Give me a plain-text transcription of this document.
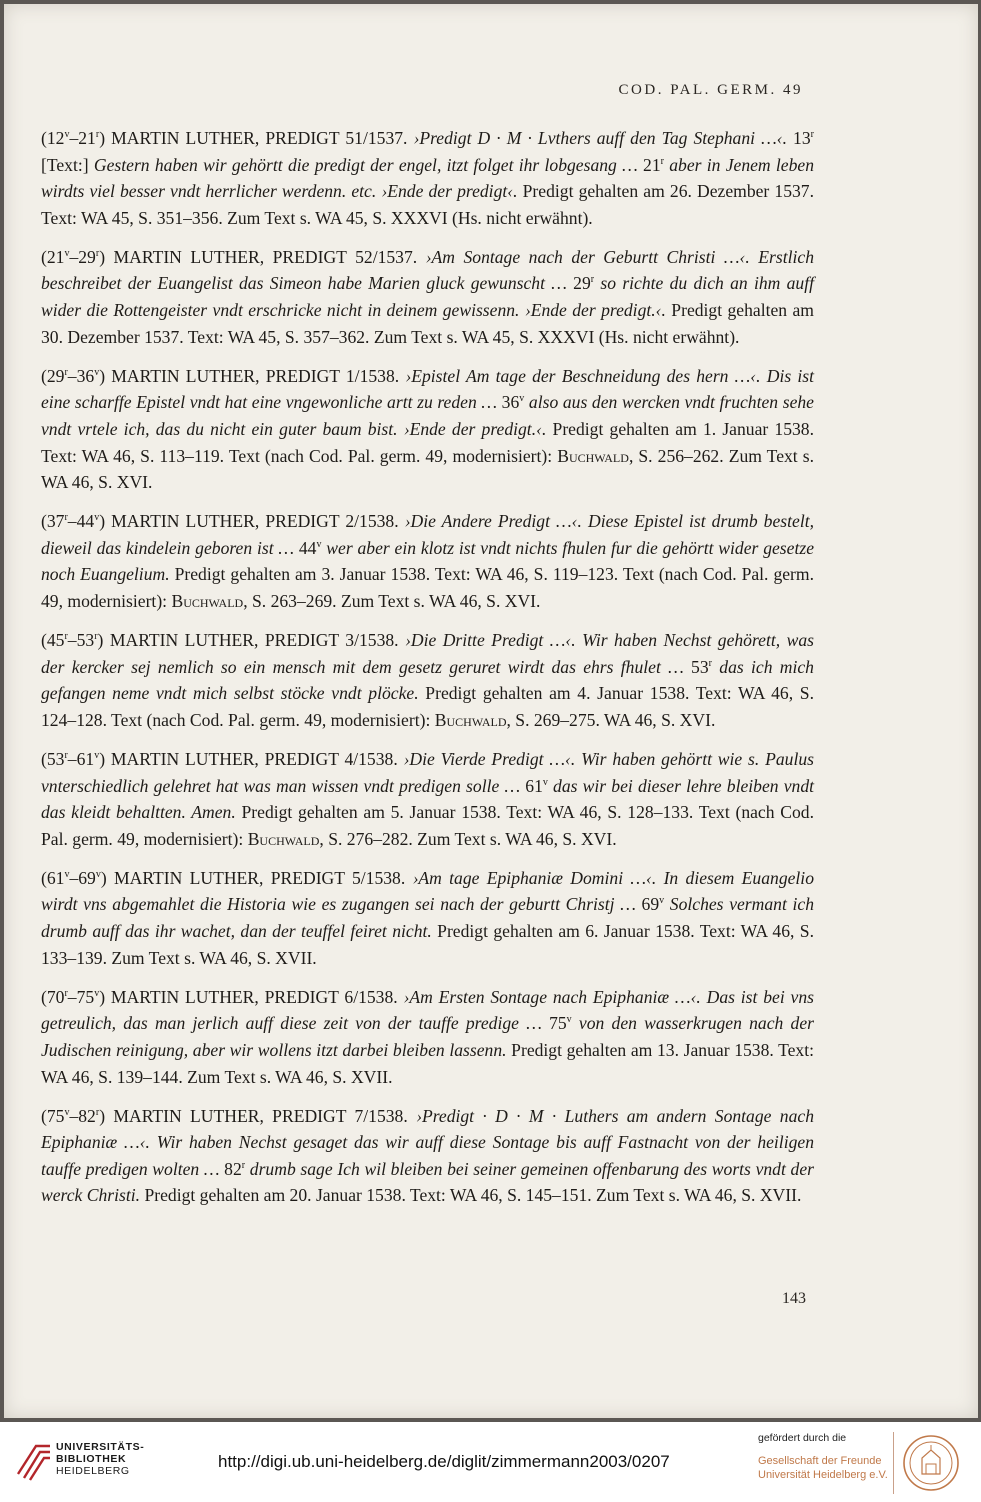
COD. PAL. GERM. 49

(12$^v$–21$^r$) MARTIN LUTHER, PREDIGT 51/1537. ›Predigt D · M · Lvthers auff den Tag Stephani …‹. 13$^r$ [Text:] Gestern haben wir gehörtt die predigt der engel, itzt folget ihr lobgesang … 21$^r$ aber in Jenem leben wirdts viel besser vndt herrlicher werdenn. etc. ›Ende der predigt‹. Predigt gehalten am 26. Dezember 1537. Text: WA 45, S. 351–356. Zum Text s. WA 45, S. XXXVI (Hs. nicht erwähnt).

(21$^v$–29$^r$) MARTIN LUTHER, PREDIGT 52/1537. ›Am Sontage nach der Geburtt Christi …‹. Erstlich beschreibet der Euangelist das Simeon habe Marien gluck gewunscht … 29$^r$ so richte du dich an ihm auff wider die Rottengeister vndt erschricke nicht in deinem gewissenn. ›Ende der predigt.‹. Predigt gehalten am 30. Dezember 1537. Text: WA 45, S. 357–362. Zum Text s. WA 45, S. XXXVI (Hs. nicht erwähnt).

(29$^r$–36$^v$) MARTIN LUTHER, PREDIGT 1/1538. ›Epistel Am tage der Beschneidung des hern …‹. Dis ist eine scharffe Epistel vndt hat eine vngewonliche artt zu reden … 36$^v$ also aus den wercken vndt fruchten sehe vndt vrtele ich, das du nicht ein guter baum bist. ›Ende der predigt.‹. Predigt gehalten am 1. Januar 1538. Text: WA 46, S. 113–119. Text (nach Cod. Pal. germ. 49, modernisiert): Buchwald, S. 256–262. Zum Text s. WA 46, S. XVI.

(37$^r$–44$^v$) MARTIN LUTHER, PREDIGT 2/1538. ›Die Andere Predigt …‹. Diese Epistel ist drumb bestelt, dieweil das kindelein geboren ist … 44$^v$ wer aber ein klotz ist vndt nichts fhulen fur die gehörtt wider gesetze noch Euangelium. Predigt gehalten am 3. Januar 1538. Text: WA 46, S. 119–123. Text (nach Cod. Pal. germ. 49, modernisiert): Buchwald, S. 263–269. Zum Text s. WA 46, S. XVI.

(45$^r$–53$^r$) MARTIN LUTHER, PREDIGT 3/1538. ›Die Dritte Predigt …‹. Wir haben Nechst gehörett, was der kercker sej nemlich so ein mensch mit dem gesetz geruret wirdt das ehrs fhulet … 53$^r$ das ich mich gefangen neme vndt mich selbst stöcke vndt plöcke. Predigt gehalten am 4. Januar 1538. Text: WA 46, S. 124–128. Text (nach Cod. Pal. germ. 49, modernisiert): Buchwald, S. 269–275. WA 46, S. XVI.

(53$^r$–61$^v$) MARTIN LUTHER, PREDIGT 4/1538. ›Die Vierde Predigt …‹. Wir haben gehörtt wie s. Paulus vnterschiedlich gelehret hat was man wissen vndt predigen solle … 61$^v$ das wir bei dieser lehre bleiben vndt das kleidt behaltten. Amen. Predigt gehalten am 5. Januar 1538. Text: WA 46, S. 128–133. Text (nach Cod. Pal. germ. 49, modernisiert): Buchwald, S. 276–282. Zum Text s. WA 46, S. XVI.

(61$^v$–69$^v$) MARTIN LUTHER, PREDIGT 5/1538. ›Am tage Epiphaniæ Domini …‹. In diesem Euangelio wirdt vns abgemahlet die Historia wie es zugangen sei nach der geburtt Christj … 69$^v$ Solches vermant ich drumb auff das ihr wachet, dan der teuffel feiret nicht. Predigt gehalten am 6. Januar 1538. Text: WA 46, S. 133–139. Zum Text s. WA 46, S. XVII.

(70$^r$–75$^v$) MARTIN LUTHER, PREDIGT 6/1538. ›Am Ersten Sontage nach Epiphaniæ …‹. Das ist bei vns getreulich, das man jerlich auff diese zeit von der tauffe predige … 75$^v$ von den wasserkrugen nach der Judischen reinigung, aber wir wollens itzt darbei bleiben lassenn. Predigt gehalten am 13. Januar 1538. Text: WA 46, S. 139–144. Zum Text s. WA 46, S. XVII.

(75$^v$–82$^r$) MARTIN LUTHER, PREDIGT 7/1538. ›Predigt · D · M · Luthers am andern Sontage nach Epiphaniæ …‹. Wir haben Nechst gesaget das wir auff diese Sontage bis auff Fastnacht von der heiligen tauffe predigen wolten … 82$^r$ drumb sage Ich wil bleiben bei seiner gemeinen offenbarung des worts vndt der werck Christi. Predigt gehalten am 20. Januar 1538. Text: WA 46, S. 145–151. Zum Text s. WA 46, S. XVII.

143
UNIVERSITÄTS-
BIBLIOTHEK
HEIDELBERG	http://digi.ub.uni-heidelberg.de/diglit/zimmermann2003/0207
gefördert durch die
Gesellschaft der Freunde
Universität Heidelberg e.V.
